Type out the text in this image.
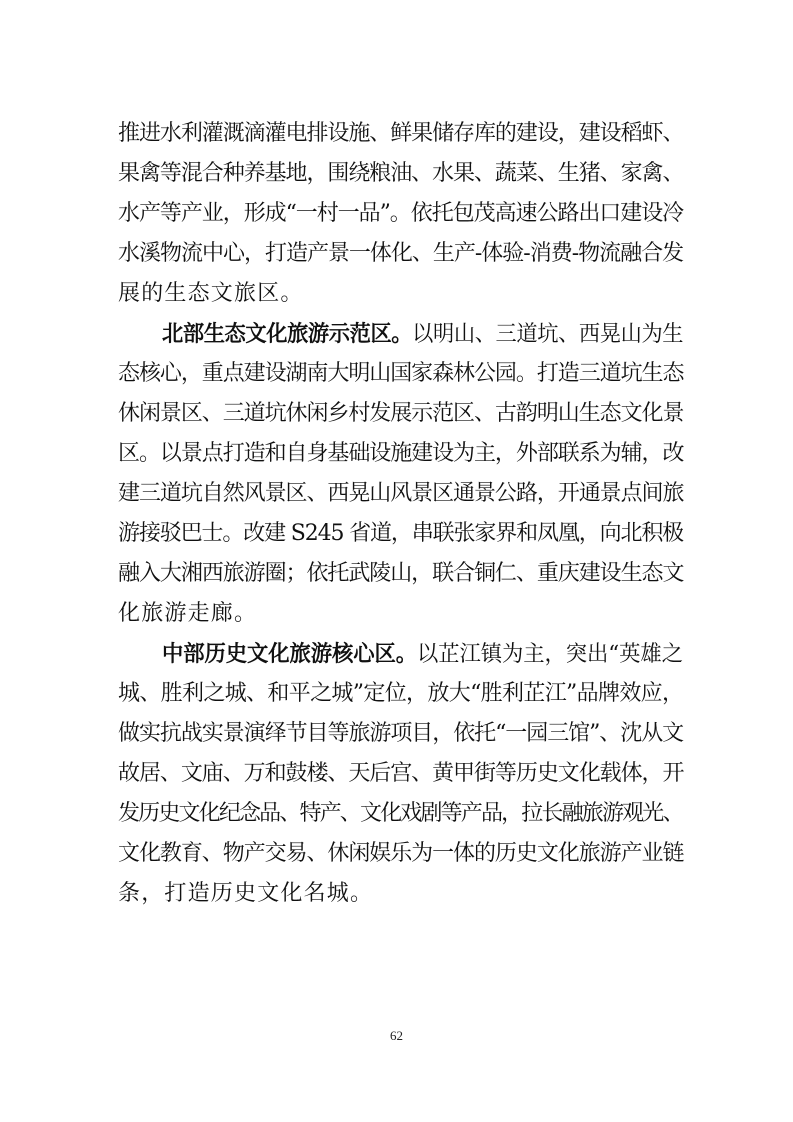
推进水利灌溉滴灌电排设施、鲜果储存库的建设，建设稻虾、
果禽等混合种养基地，围绕粮油、水果、蔬菜、生猪、家禽、
水产等产业，形成“一村一品”。依托包茂高速公路出口建设冷
水溪物流中心，打造产景一体化、生产-体验-消费-物流融合发
展的生态文旅区。
北部生态文化旅游示范区。以明山、三道坑、西晃山为生
态核心，重点建设湖南大明山国家森林公园。打造三道坑生态
休闲景区、三道坑休闲乡村发展示范区、古韵明山生态文化景
区。以景点打造和自身基础设施建设为主，外部联系为辅，改
建三道坑自然风景区、西晃山风景区通景公路，开通景点间旅
游接驳巴士。改建 S245 省道，串联张家界和凤凰，向北积极
融入大湘西旅游圈；依托武陵山，联合铜仁、重庆建设生态文
化旅游走廊。
中部历史文化旅游核心区。以芷江镇为主，突出“英雄之
城、胜利之城、和平之城”定位，放大“胜利芷江”品牌效应，
做实抗战实景演绎节目等旅游项目，依托“一园三馆”、沈从文
故居、文庙、万和鼓楼、天后宫、黄甲街等历史文化载体，开
发历史文化纪念品、特产、文化戏剧等产品，拉长融旅游观光、
文化教育、物产交易、休闲娱乐为一体的历史文化旅游产业链
条，打造历史文化名城。
62
